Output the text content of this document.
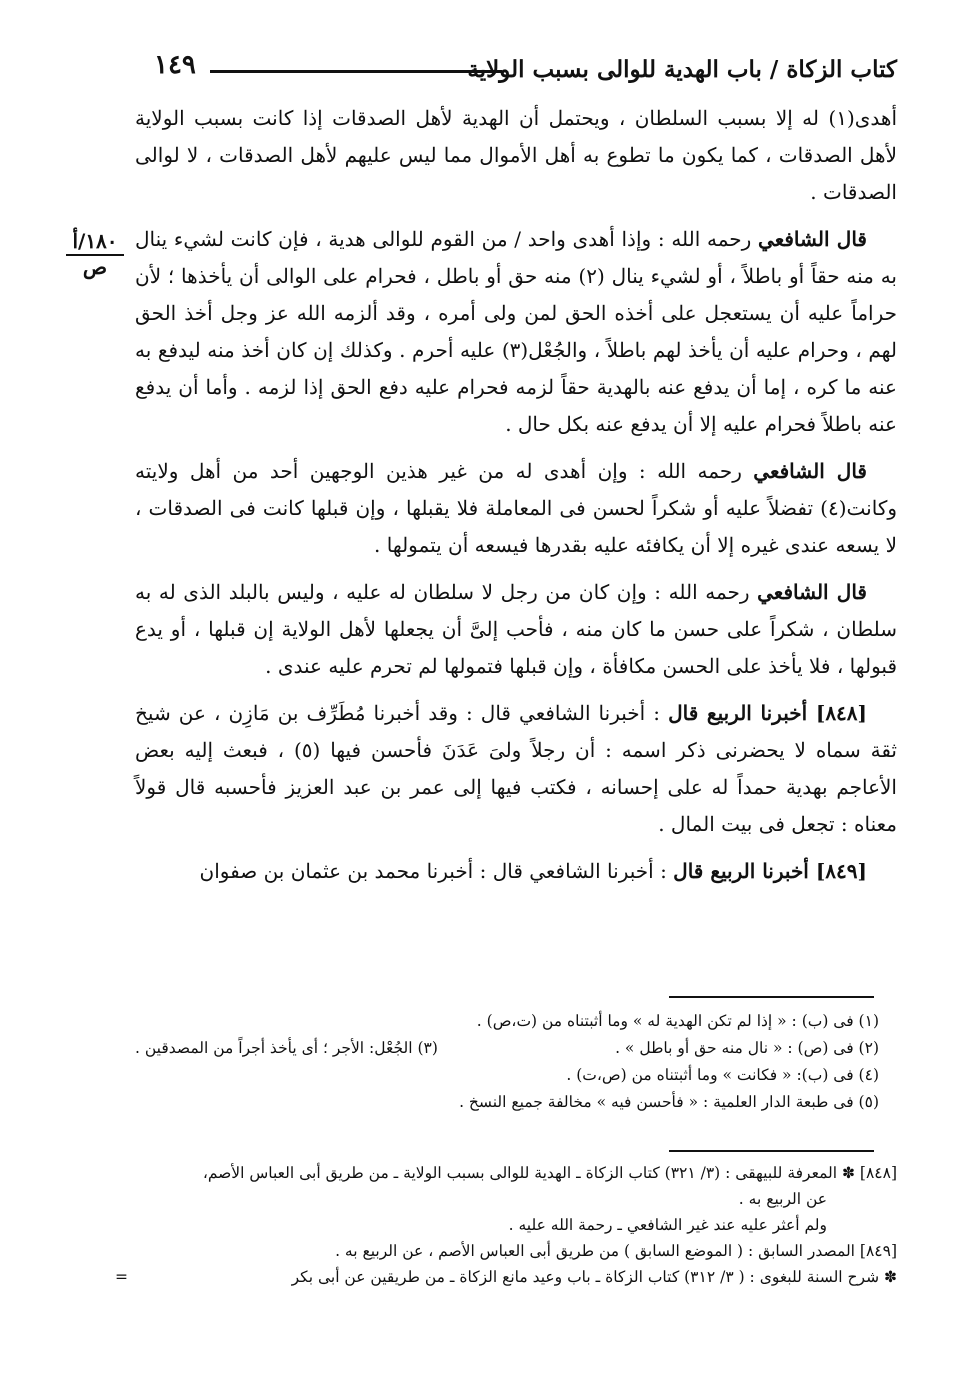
كتاب الزكاة / باب الهدية للوالى بسبب الولاية
١٤٩
١٨٠/أ
ص

أهدى(١) له إلا بسبب السلطان ، ويحتمل أن الهدية لأهل الصدقات إذا كانت بسبب الولاية لأهل الصدقات ، كما يكون ما تطوع به أهل الأموال مما ليس عليهم لأهل الصدقات ، لا لوالى الصدقات .

قال الشافعي رحمه الله : وإذا أهدى واحد / من القوم للوالى هدية ، فإن كانت لشيء ينال به منه حقاً أو باطلاً ، أو لشيء ينال (٢) منه حق أو باطل ، فحرام على الوالى أن يأخذها ؛ لأن حراماً عليه أن يستعجل على أخذه الحق لمن ولى أمره ، وقد ألزمه الله عز وجل أخذ الحق لهم ، وحرام عليه أن يأخذ لهم باطلاً ، والجُعْل(٣) عليه أحرم . وكذلك إن كان أخذ منه ليدفع به عنه ما كره ، إما أن يدفع عنه بالهدية حقاً لزمه فحرام عليه دفع الحق إذا لزمه . وأما أن يدفع عنه باطلاً فحرام عليه إلا أن يدفع عنه بكل حال .

قال الشافعي رحمه الله : وإن أهدى له من غير هذين الوجهين أحد من أهل ولايته وكانت(٤) تفضلاً عليه أو شكراً لحسن فى المعاملة فلا يقبلها ، وإن قبلها كانت فى الصدقات ، لا يسعه عندى غيره إلا أن يكافئه عليه بقدرها فيسعه أن يتمولها .

قال الشافعي رحمه الله : وإن كان من رجل لا سلطان له عليه ، وليس بالبلد الذى له به سلطان ، شكراً على حسن ما كان منه ، فأحب إلىَّ أن يجعلها لأهل الولاية إن قبلها ، أو يدع قبولها ، فلا يأخذ على الحسن مكافأة ، وإن قبلها فتمولها لم تحرم عليه عندى .

[٨٤٨] أخبرنا الربيع قال : أخبرنا الشافعي قال : وقد أخبرنا مُطَرِّف بن مَازِن ، عن شيخ ثقة سماه لا يحضرنى ذكر اسمه : أن رجلاً ولىَ عَدَنَ فأحسن فيها (٥) ، فبعث إليه بعض الأعاجم بهدية حمداً له على إحسانه ، فكتب فيها إلى عمر بن عبد العزيز فأحسبه قال قولاً معناه : تجعل فى بيت المال .

[٨٤٩] أخبرنا الربيع قال : أخبرنا الشافعي قال : أخبرنا محمد بن عثمان بن صفوان

(١) فى (ب) : « إذا لم تكن الهدية له » وما أثبتناه من (ت،ص) .
(٢) فى (ص) : « نال منه حق أو باطل » .
(٣) الجُعْل: الأجر ؛ أى يأخذ أجراً من المصدقين .
(٤) فى (ب): « فكانت » وما أثبتناه من (ص،ت) .
(٥) فى طبعة الدار العلمية : « فأحسن فيه » مخالفة جميع النسخ .
[٨٤٨] ✽ المعرفة للبيهقى : (٣/ ٣٢١) كتاب الزكاة ـ الهدية للوالى بسبب الولاية ـ من طريق أبى العباس الأصم،
عن الربيع به .
ولم أعثر عليه عند غير الشافعي ـ رحمة الله عليه .
[٨٤٩] المصدر السابق : ( الموضع السابق ) من طريق أبى العباس الأصم ، عن الربيع به .
✽ شرح السنة للبغوى : ( ٣/ ٣١٢) كتاب الزكاة ـ باب وعيد مانع الزكاة ـ من طريقين عن أبى بكر
=
